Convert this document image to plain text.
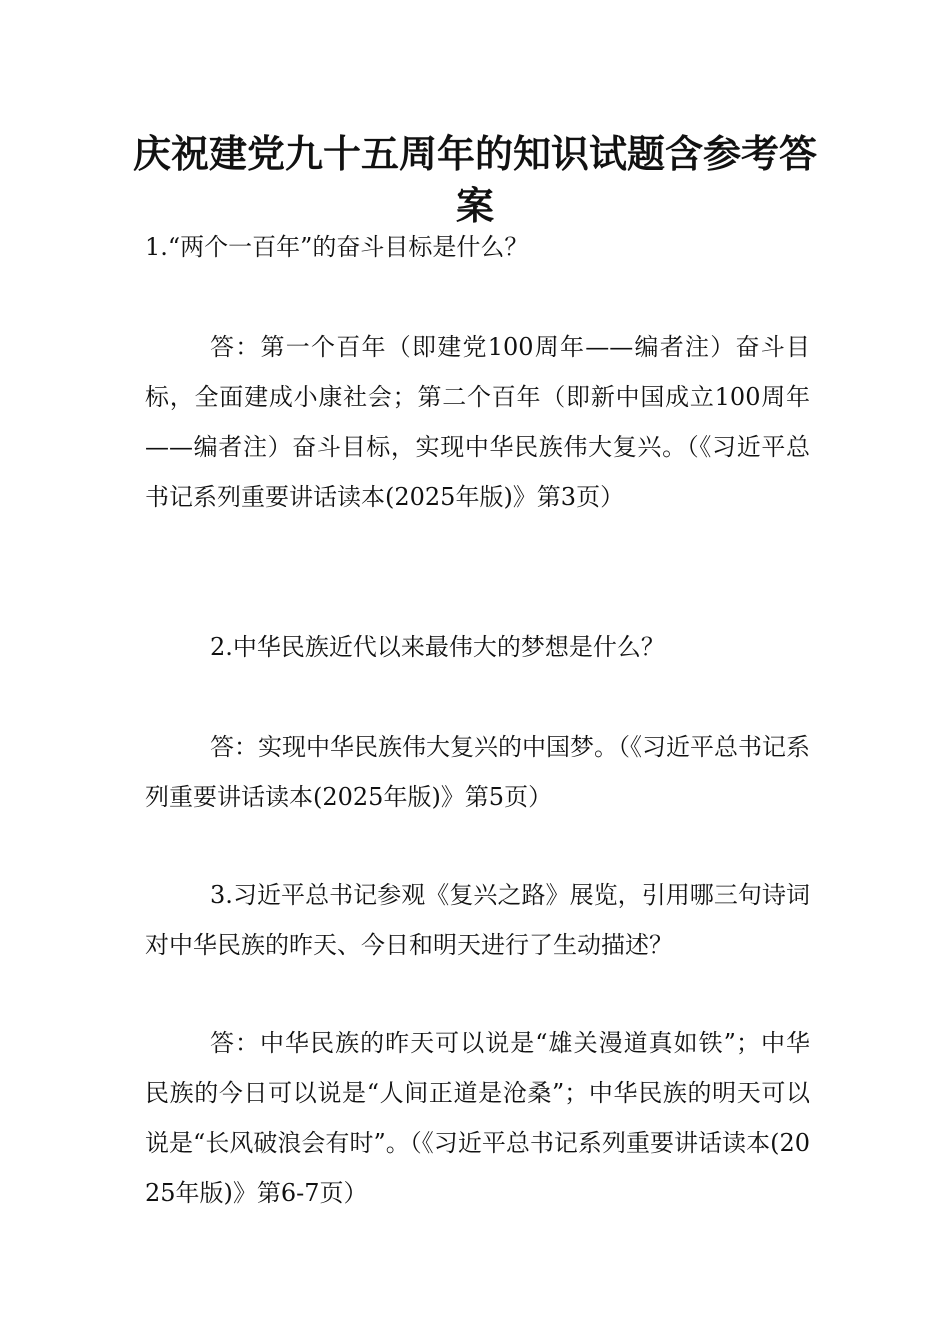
庆祝建党九十五周年的知识试题含参考答案

1.“两个一百年”的奋斗目标是什么？

答：第一个百年（即建党100周年——编者注）奋斗目标，全面建成小康社会；第二个百年（即新中国成立100周年——编者注）奋斗目标，实现中华民族伟大复兴。（《习近平总书记系列重要讲话读本(2025年版)》第3页）

2.中华民族近代以来最伟大的梦想是什么？

答：实现中华民族伟大复兴的中国梦。（《习近平总书记系列重要讲话读本(2025年版)》第5页）

3.习近平总书记参观《复兴之路》展览，引用哪三句诗词对中华民族的昨天、今日和明天进行了生动描述？

答：中华民族的昨天可以说是“雄关漫道真如铁”；中华民族的今日可以说是“人间正道是沧桑”；中华民族的明天可以说是“长风破浪会有时”。（《习近平总书记系列重要讲话读本(2025年版)》第6-7页）
